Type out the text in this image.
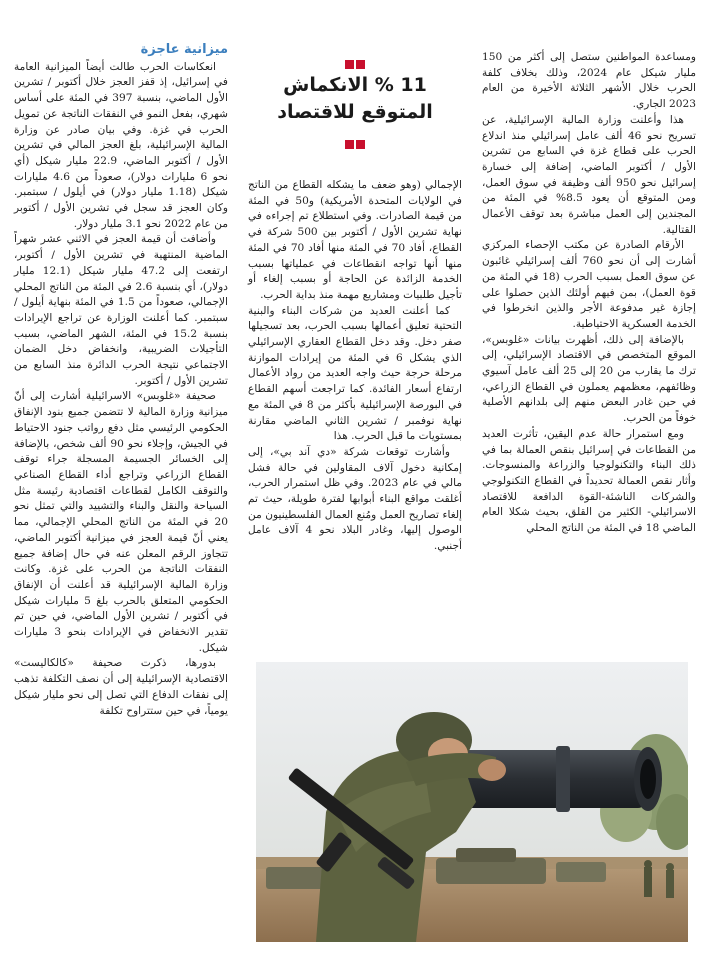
ومساعدة المواطنين ستصل إلى أكثر من 150 مليار شيكل عام 2024، وذلك بخلاف كلفة الحرب خلال الأشهر الثلاثة الأخيرة من العام 2023 الجاري.

هذا وأعلنت وزارة المالية الإسرائيلية، عن تسريح نحو 46 ألف عامل إسرائيلي منذ اندلاع الحرب على قطاع غزة في السابع من تشرين الأول / أكتوبر الماضي، إضافة إلى خسارة إسرائيل نحو 950 ألف وظيفة في سوق العمل، ومن المتوقع أن يعود 8.5% في المئة من المجندين إلى العمل مباشرة بعد توقف الأعمال القتالية.

الأرقام الصادرة عن مكتب الإحصاء المركزي أشارت إلى أن نحو 760 ألف إسرائيلي غائبون عن سوق العمل بسبب الحرب (18 في المئة من قوة العمل)، بمن فيهم أولئك الذين حصلوا على إجازة غير مدفوعة الأجر والذين انخرطوا في الخدمة العسكرية الاحتياطية.

بالإضافة إلى ذلك، أظهرت بيانات «غلوبس»، الموقع المتخصص في الاقتصاد الإسرائيلي، إلى ترك ما يقارب من 20 إلى 25 ألف عامل آسيوي وظائفهم، معظمهم يعملون في القطاع الزراعي، في حين غادر البعض منهم إلى بلدانهم الأصلية خوفاً من الحرب.

ومع استمرار حالة عدم اليقين، تأثرت العديد من القطاعات في إسرائيل بنقص العمالة بما في ذلك البناء والتكنولوجيا والزراعة والمنسوجات. وأثار نقص العمالة تحديداً في القطاع التكنولوجي والشركات الناشئة-القوة الدافعة للاقتصاد الاسرائيلي- الكثير من القلق، بحيث شكلا العام الماضي 18 في المئة من الناتج المحلي

11 % الانكماش المتوقع للاقتصاد

الإجمالي (وهو ضعف ما يشكله القطاع من الناتج في الولايات المتحدة الأمريكية) و50 في المئة من قيمة الصادرات. وفي استطلاع تم إجراءه في نهاية تشرين الأول / أكتوبر بين 500 شركة في القطاع، أفاد 70 في المئة منها أفاد 70 في المئة منها أنها تواجه انقطاعات في عملياتها بسبب الخدمة الزائدة عن الحاجة أو بسبب إلغاء أو تأجيل طلبيات ومشاريع مهمة منذ بداية الحرب.

كما أعلنت العديد من شركات البناء والبنية التحتية تعليق أعمالها بسبب الحرب، بعد تسجيلها صفر دخل. وقد دخل القطاع العقاري الإسرائيلي الذي يشكل 6 في المئة من إيرادات الموازنة مرحلة حرجة حيث واجه العديد من رواد الأعمال ارتفاع أسعار الفائدة. كما تراجعت أسهم القطاع في البورصة الإسرائيلية بأكثر من 8 في المئة مع نهاية نوفمبر / تشرين الثاني الماضي مقارنة بمستويات ما قبل الحرب. هذا

وأشارت توقعات شركة «دي آند بي»، إلى إمكانية دخول آلاف المقاولين في حالة فشل مالي في عام 2023. وفي ظل استمرار الحرب، أغلقت مواقع البناء أبوابها لفترة طويلة، حيث تم إلغاء تصاريح العمل ومُنع العمال الفلسطينيون من الوصول إليها، وغادر البلاد نحو 4 آلاف عامل أجنبي.

ميزانية عاجزة

انعكاسات الحرب طالت أيضاً الميزانية العامة في إسرائيل، إذ قفز العجز خلال أكتوبر / تشرين الأول الماضي، بنسبة 397 في المئة على أساس شهري، بفعل النمو في النفقات الناتجة عن تمويل الحرب في غزة. وفي بيان صادر عن وزارة المالية الإسرائيلية، بلغ العجز المالي في تشرين الأول / أكتوبر الماضي، 22.9 مليار شيكل (أي نحو 6 مليارات دولار)، صعوداً من 4.6 مليارات شيكل (1.18 مليار دولار) في أيلول / سبتمبر. وكان العجز قد سجل في تشرين الأول / أكتوبر من عام 2022 نحو 3.1 مليار دولار.

وأضافت أن قيمة العجز في الاثني عشر شهراً الماضية المنتهية في تشرين الأول / أكتوبر، ارتفعت إلى 47.2 مليار شيكل (12.1 مليار دولار)، أي بنسبة 2.6 في المئة من الناتج المحلي الإجمالي، صعوداً من 1.5 في المئة بنهاية أيلول / سبتمبر. كما أعلنت الوزارة عن تراجع الإيرادات بنسبة 15.2 في المئة، الشهر الماضي، بسبب التأجيلات الضريبية، وانخفاض دخل الضمان الاجتماعي نتيجة الحرب الدائرة منذ السابع من تشرين الأول / أكتوبر.

صحيفة «غلوبس» الاسرائيلية أشارت إلى أنّ ميزانية وزارة المالية لا تتضمن جميع بنود الإنفاق الحكومي الرئيسي مثل دفع رواتب جنود الاحتياط في الجيش، وإجلاء نحو 90 ألف شخص، بالإضافة إلى الخسائر الجسيمة المسجلة جراء توقف القطاع الزراعي وتراجع أداء القطاع الصناعي والتوقف الكامل لقطاعات اقتصادية رئيسة مثل السياحة والنقل والبناء والتشييد والتي تمثل نحو 20 في المئة من الناتج المحلي الإجمالي، مما يعني أنّ قيمة العجز في ميزانية أكتوبر الماضي، تتجاوز الرقم المعلن عنه في حال إضافة جميع النفقات الناتجة من الحرب على غزة. وكانت وزارة المالية الإسرائيلية قد أعلنت أن الإنفاق الحكومي المتعلق بالحرب بلغ 5 مليارات شيكل في أكتوبر / تشرين الأول الماضي، في حين تم تقدير الانخفاض في الإيرادات بنحو 3 مليارات شيكل.

بدورها، ذكرت صحيفة «كالكاليست» الاقتصادية الإسرائيلية إلى أن نصف التكلفة تذهب إلى نفقات الدفاع التي تصل إلى نحو مليار شيكل يومياً، في حين ستتراوح تكلفة
